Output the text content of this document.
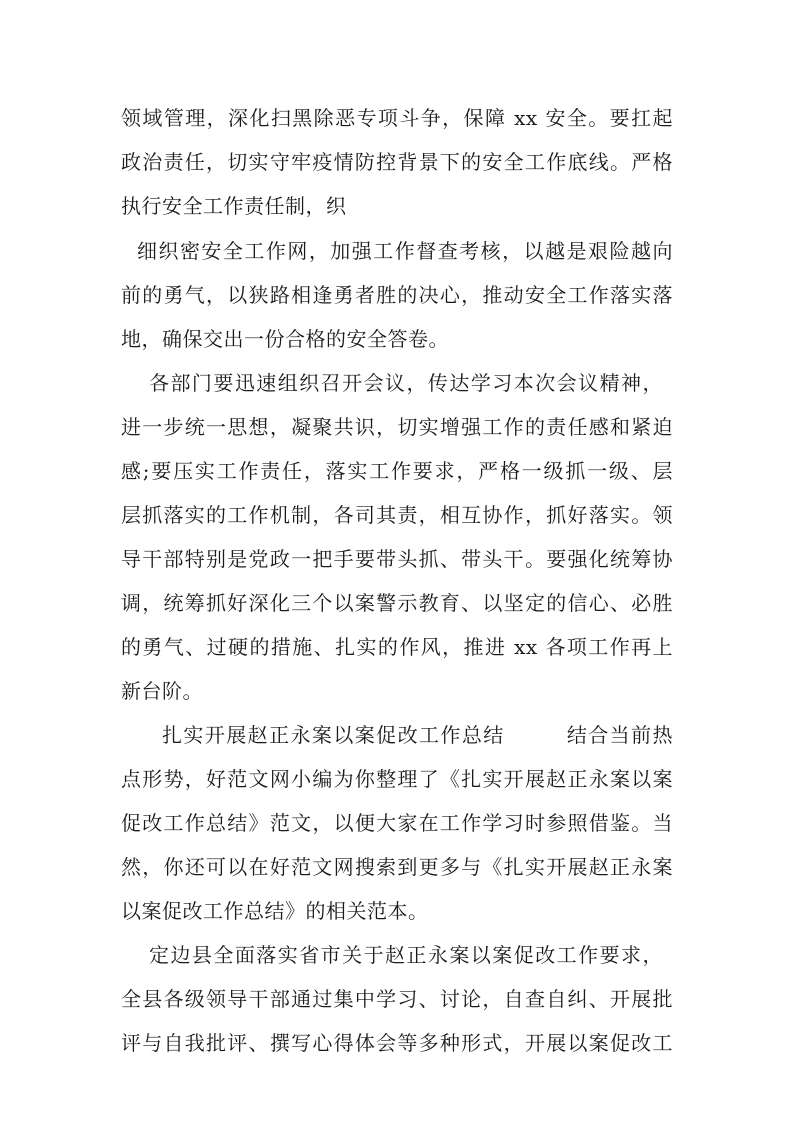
领域管理，深化扫黑除恶专项斗争，保障 xx 安全。要扛起
政治责任，切实守牢疫情防控背景下的安全工作底线。严格
执行安全工作责任制，织
细织密安全工作网，加强工作督查考核，以越是艰险越向
前的勇气，以狭路相逢勇者胜的决心，推动安全工作落实落
地，确保交出一份合格的安全答卷。
各部门要迅速组织召开会议，传达学习本次会议精神，
进一步统一思想，凝聚共识，切实增强工作的责任感和紧迫
感;要压实工作责任，落实工作要求，严格一级抓一级、层
层抓落实的工作机制，各司其责，相互协作，抓好落实。领
导干部特别是党政一把手要带头抓、带头干。要强化统筹协
调，统筹抓好深化三个以案警示教育、以坚定的信心、必胜
的勇气、过硬的措施、扎实的作风，推进 xx 各项工作再上
新台阶。
扎实开展赵正永案以案促改工作总结        结合当前热
点形势，好范文网小编为你整理了《扎实开展赵正永案以案
促改工作总结》范文，以便大家在工作学习时参照借鉴。当
然，你还可以在好范文网搜索到更多与《扎实开展赵正永案
以案促改工作总结》的相关范本。
定边县全面落实省市关于赵正永案以案促改工作要求，
全县各级领导干部通过集中学习、讨论，自查自纠、开展批
评与自我批评、撰写心得体会等多种形式，开展以案促改工
